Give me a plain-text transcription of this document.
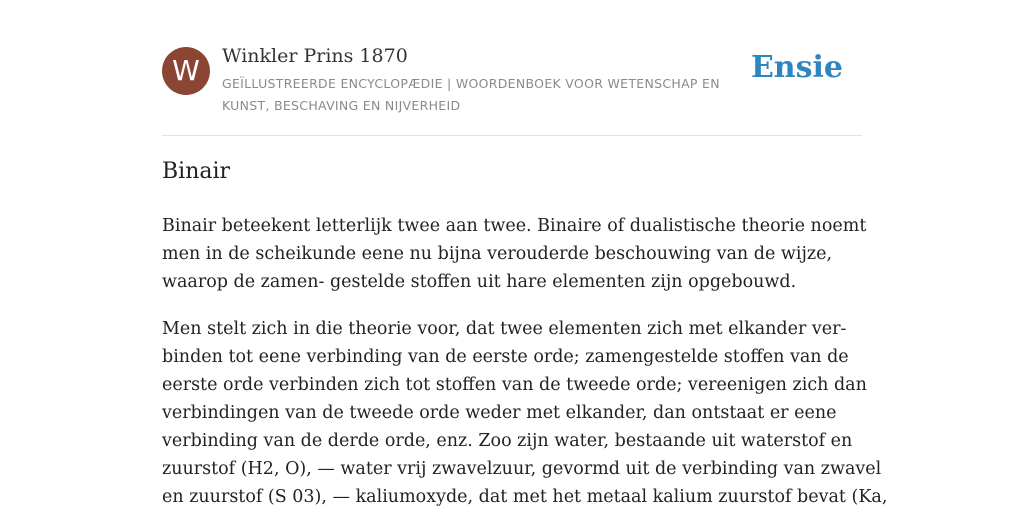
W	Winkler Prins 1870
GEÏLLUSTREERDE ENCYCLOPÆDIE | WOORDENBOEK VOOR WETENSCHAP EN KUNST, BESCHAVING EN NIJVERHEID
Ensie
Binair

Binair beteekent letterlijk twee aan twee. Binaire of dualistische theorie noemt
men in de scheikunde eene nu bijna verouderde beschouwing van de wijze,
waarop de zamen- gestelde stoffen uit hare elementen zijn opgebouwd.

Men stelt zich in die theorie voor, dat twee elementen zich met elkander ver-
binden tot eene verbinding van de eerste orde; zamengestelde stoffen van de
eerste orde verbinden zich tot stoffen van de tweede orde; vereenigen zich dan
verbindingen van de tweede orde weder met elkander, dan ontstaat er eene
verbinding van de derde orde, enz. Zoo zijn water, bestaande uit waterstof en
zuurstof (H2, O), — water vrij zwavelzuur, gevormd uit de verbinding van zwavel
en zuurstof (S 03), — kaliumoxyde, dat met het metaal kalium zuurstof bevat (Ka,
